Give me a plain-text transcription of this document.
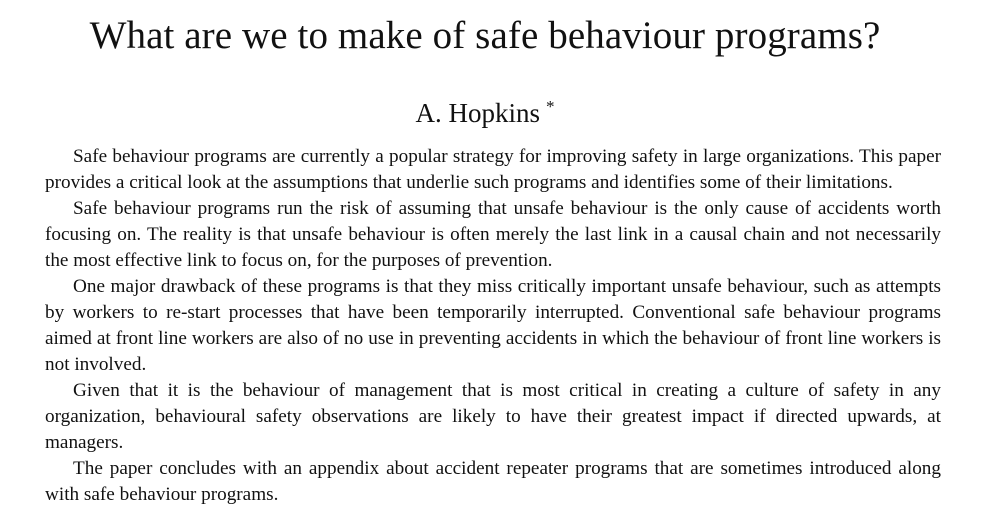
What are we to make of safe behaviour programs?
A. Hopkins *

Safe behaviour programs are currently a popular strategy for improving safety in large organizations. This paper provides a critical look at the assumptions that underlie such programs and identifies some of their limitations.

Safe behaviour programs run the risk of assuming that unsafe behaviour is the only cause of accidents worth focusing on. The reality is that unsafe behaviour is often merely the last link in a causal chain and not necessarily the most effective link to focus on, for the purposes of prevention.

One major drawback of these programs is that they miss critically important unsafe behaviour, such as attempts by workers to re-start processes that have been temporarily interrupted. Conventional safe behaviour programs aimed at front line workers are also of no use in preventing accidents in which the behaviour of front line workers is not involved.

Given that it is the behaviour of management that is most critical in creating a culture of safety in any organization, behavioural safety observations are likely to have their greatest impact if directed upwards, at managers.

The paper concludes with an appendix about accident repeater programs that are sometimes introduced along with safe behaviour programs.
